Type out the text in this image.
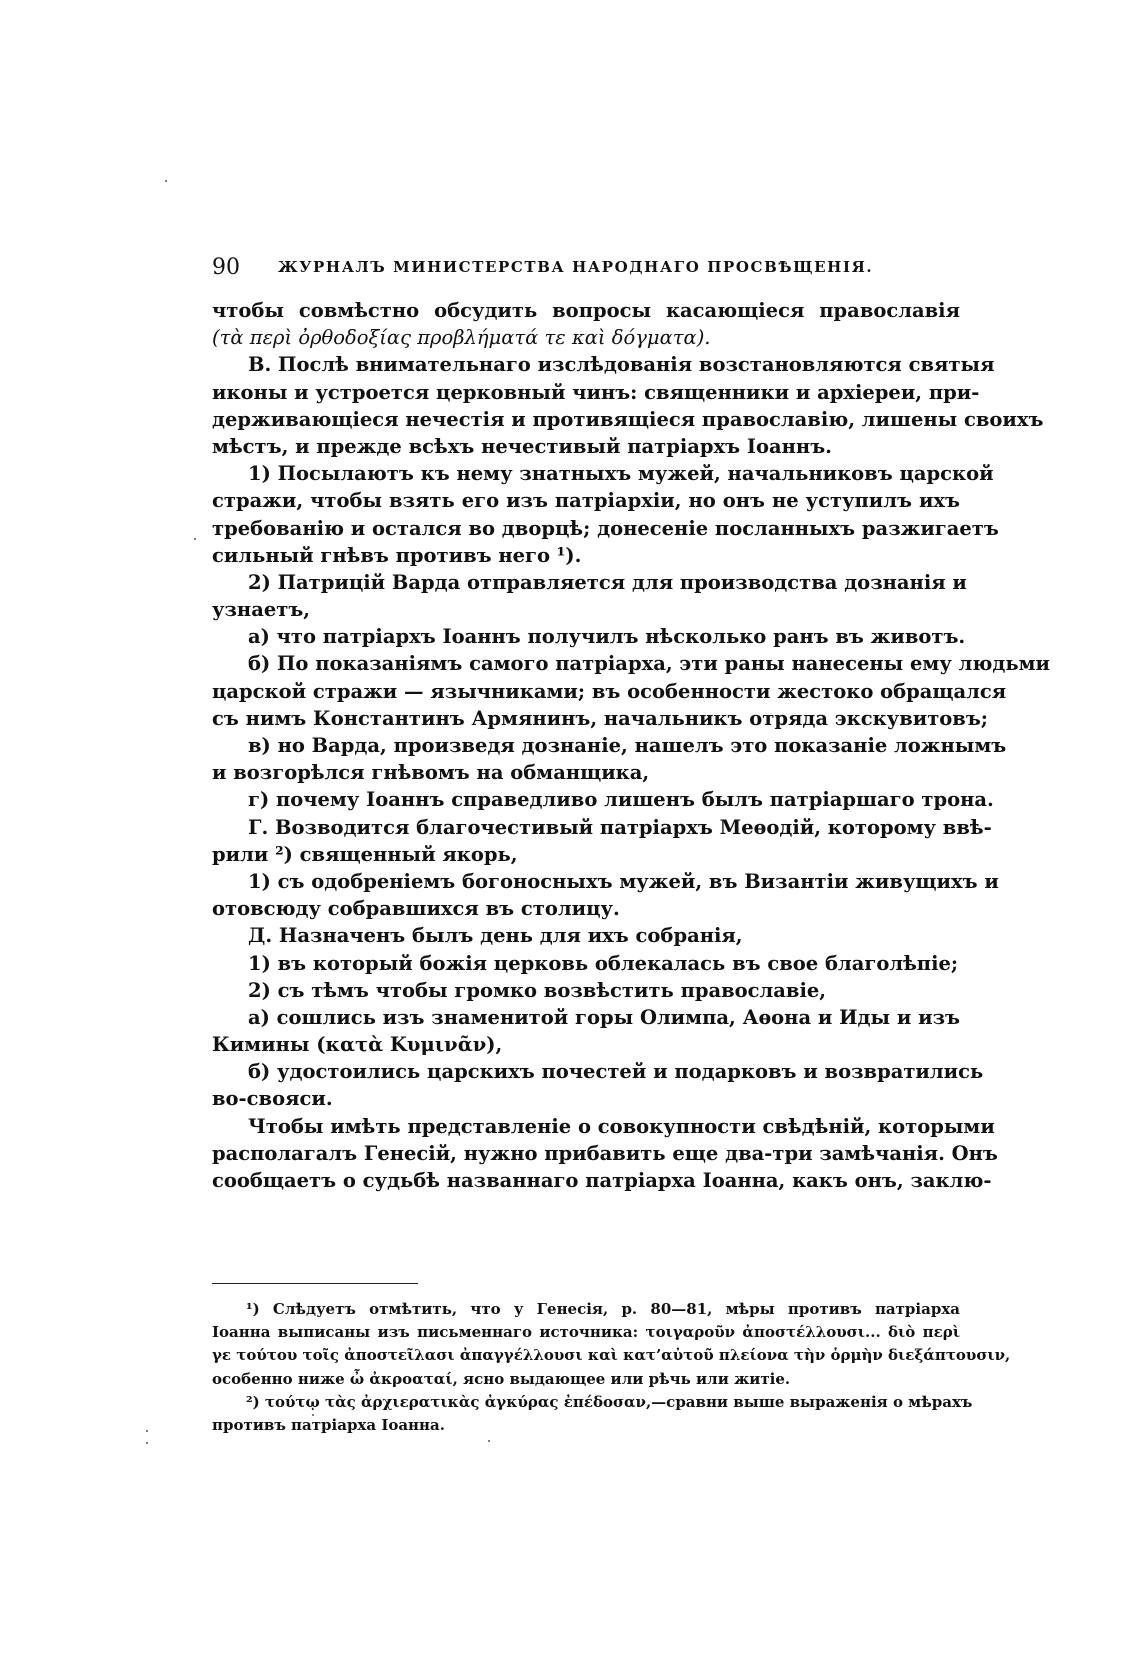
90	ЖУРНАЛЪ МИНИСТЕРСТВА НАРОДНАГО ПРОСВѢЩЕНІЯ.
чтобы совмѣстно обсудить вопросы касающіеся православія
(τὰ περὶ ὀρθοδοξίας προβλήματά τε καὶ δόγματα).
В. Послѣ внимательнаго изслѣдованія возстановляются святыя
иконы и устроется церковный чинъ: священники и архіереи, при-
держивающіеся нечестія и противящіеся православію, лишены своихъ
мѣстъ, и прежде всѣхъ нечестивый патріархъ Іоаннъ.
1) Посылаютъ къ нему знатныхъ мужей, начальниковъ царской
стражи, чтобы взять его изъ патріархіи, но онъ не уступилъ ихъ
требованію и остался во дворцѣ; донесеніе посланныхъ разжигаетъ
сильный гнѣвъ противъ него ¹).
2) Патрицій Варда отправляется для производства дознанія и
узнаетъ,
а) что патріархъ Іоаннъ получилъ нѣсколько ранъ въ животъ.
б) По показаніямъ самого патріарха, эти раны нанесены ему людьми
царской стражи — язычниками; въ особенности жестоко обращался
съ нимъ Константинъ Армянинъ, начальникъ отряда экскувитовъ;
в) но Варда, произведя дознаніе, нашелъ это показаніе ложнымъ
и возгорѣлся гнѣвомъ на обманщика,
г) почему Іоаннъ справедливо лишенъ былъ патріаршаго трона.
Г. Возводится благочестивый патріархъ Меѳодій, которому ввѣ-
рили ²) священный якорь,
1) съ одобреніемъ богоносныхъ мужей, въ Византіи живущихъ и
отовсюду собравшихся въ столицу.
Д. Назначенъ былъ день для ихъ собранія,
1) въ который божія церковь облекалась въ свое благолѣпіе;
2) съ тѣмъ чтобы громко возвѣстить православіе,
а) сошлись изъ знаменитой горы Олимпа, Аѳона и Иды и изъ
Кимины (κατὰ Κυμινᾶν),
б) удостоились царскихъ почестей и подарковъ и возвратились
во-свояси.
Чтобы имѣть представленіе о совокупности свѣдѣній, которыми
располагалъ Генесій, нужно прибавить еще два-три замѣчанія. Онъ
сообщаетъ о судьбѣ названнаго патріарха Іоанна, какъ онъ, заклю-
¹) Слѣдуетъ отмѣтить, что у Генесія, p. 80—81, мѣры противъ патріарха
Іоанна выписаны изъ письменнаго источника: τοιγαροῦν ἀποστέλλουσι... διὸ περὶ
γε τούτου τοῖς ἀποστεῖλασι ἀπαγγέλλουσι καὶ κατ’αὐτοῦ πλείονα τὴν ὁρμὴν διεξάπτουσιν,
особенно ниже ὦ ἀκροαταί, ясно выдающее или рѣчь или житіе.
²) τούτῳ τὰς ἀρχιερατικὰς ἀγκύρας ἐπέδοσαν,—сравни выше выраженія о мѣрахъ
противъ патріарха Іоанна.
